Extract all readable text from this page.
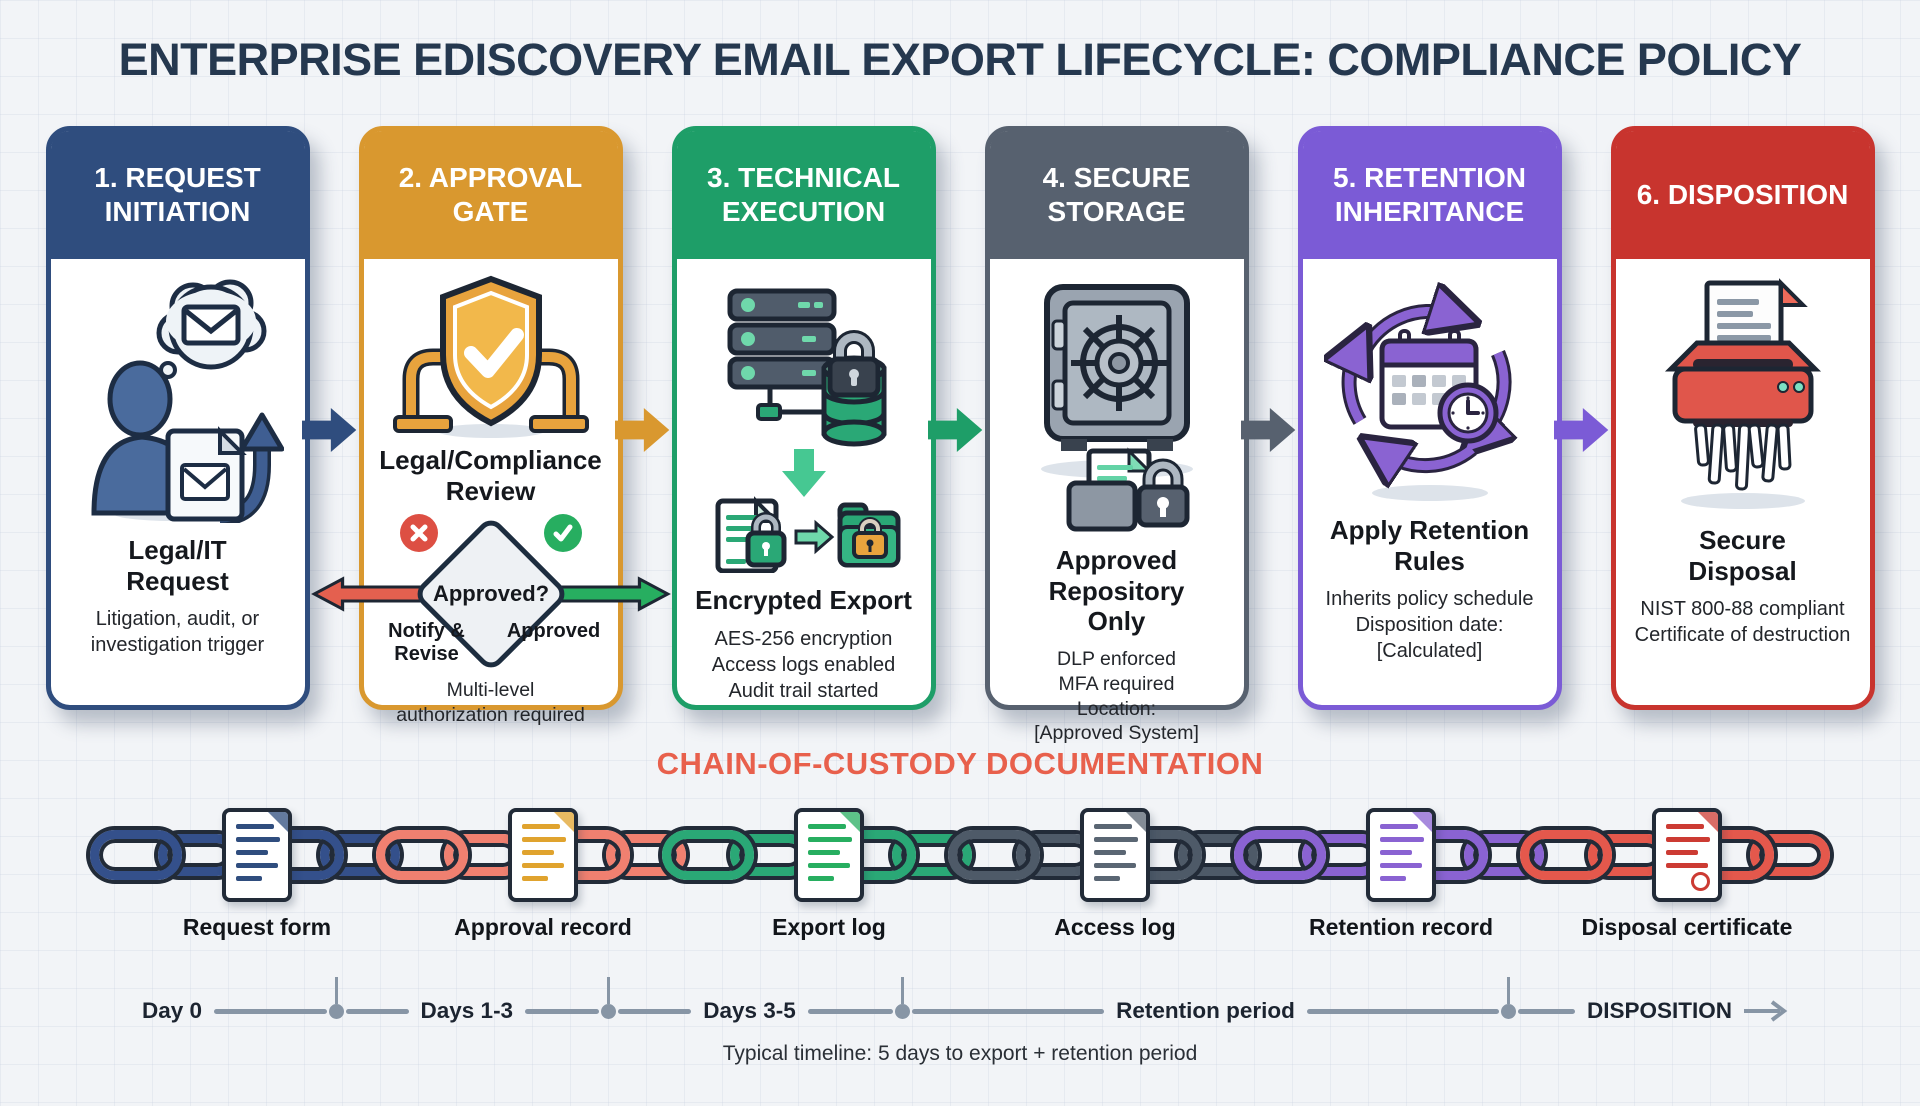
ENTERPRISE EDISCOVERY EMAIL EXPORT LIFECYCLE: COMPLIANCE POLICY
1. REQUEST INITIATION
Legal/IT Request
Litigation, audit, or
investigation trigger
2. APPROVAL GATE
Legal/Compliance Review
Approved?
Notify & Revise
Approved
Multi-level
authorization required
3. TECHNICAL EXECUTION
Encrypted Export
AES-256 encryption
Access logs enabled
Audit trail started
4. SECURE STORAGE
Approved Repository Only
DLP enforced
MFA required
Location:
[Approved System]
5. RETENTION INHERITANCE
Apply Retention Rules
Inherits policy schedule
Disposition date:
[Calculated]
6. DISPOSITION
Secure Disposal
NIST 800-88 compliant
Certificate of destruction
CHAIN-OF-CUSTODY DOCUMENTATION
Request form	Approval record	Export log	Access log	Retention record	Disposal certificate
Day 0	Days 1-3	Days 3-5	Retention period	DISPOSITION
Typical timeline: 5 days to export + retention period
